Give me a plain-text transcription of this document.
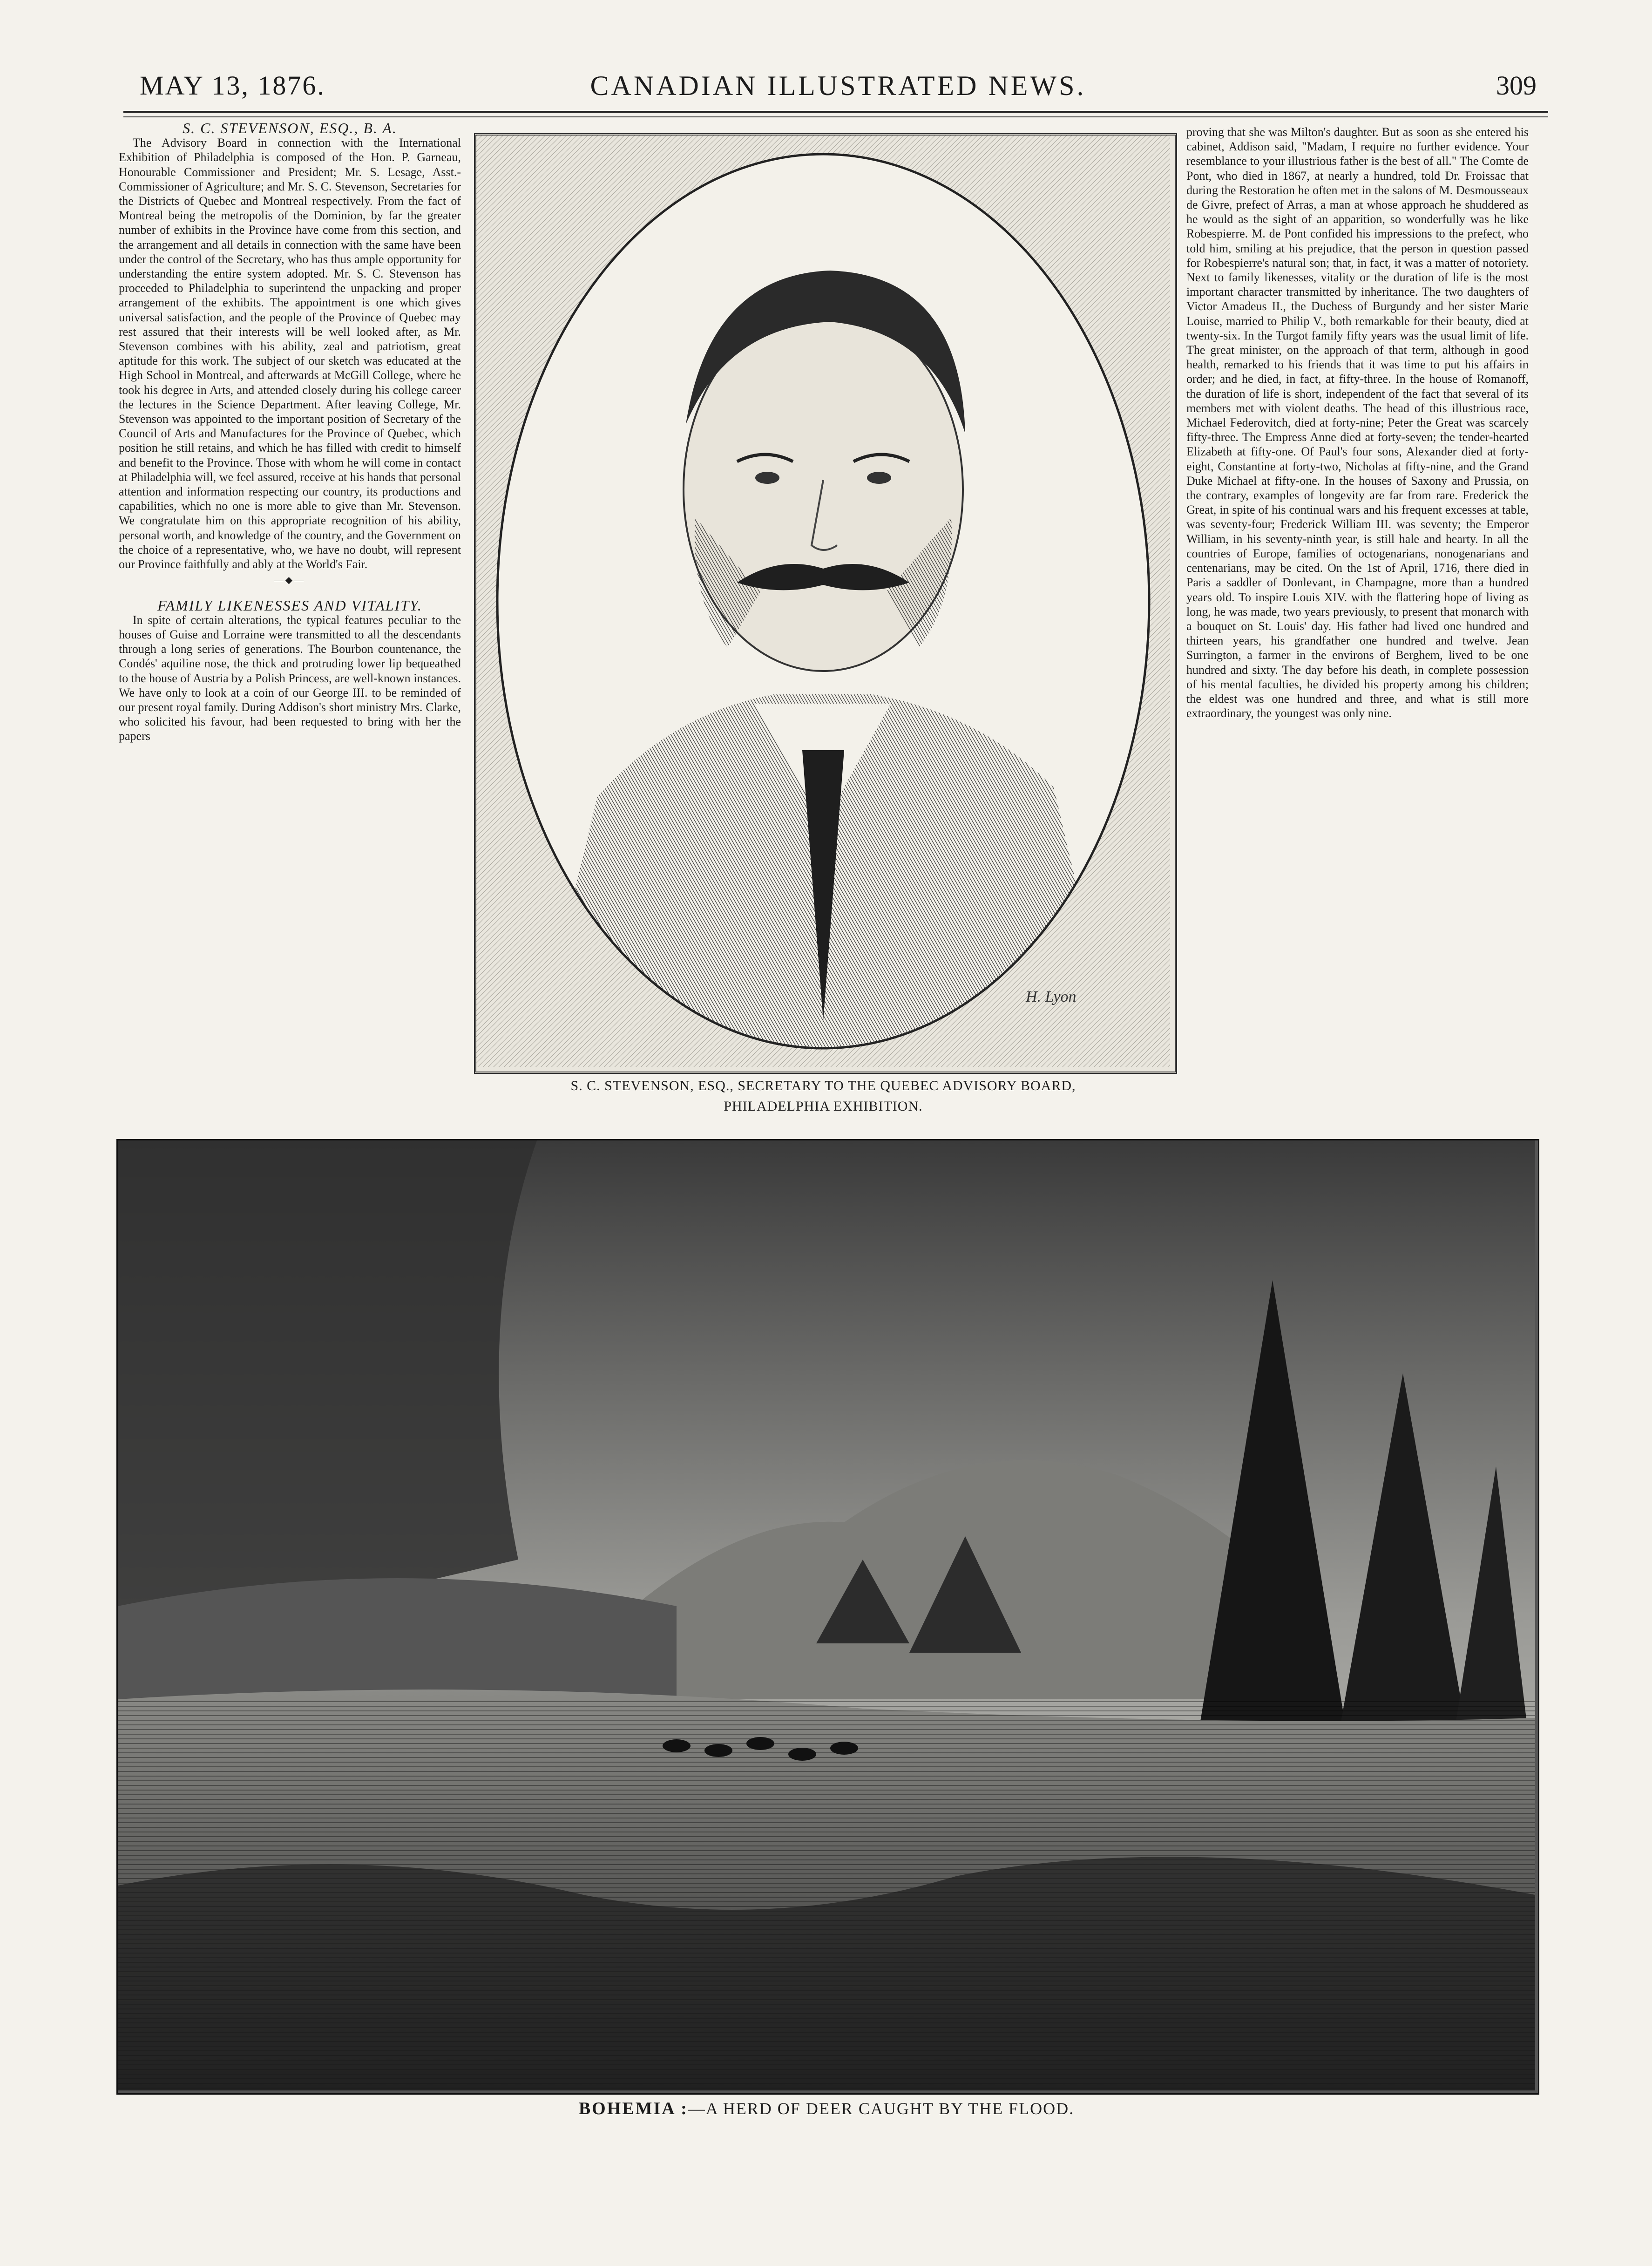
CANADIAN ILLUSTRATED NEWS.
MAY 13, 1876.	309

S. C. STEVENSON, ESQ., B. A.

The Advisory Board in connection with the International Exhibition of Philadelphia is composed of the Hon. P. Garneau, Honourable Commissioner and President; Mr. S. Lesage, Asst.-Commissioner of Agriculture; and Mr. S. C. Stevenson, Secretaries for the Districts of Quebec and Montreal respectively. From the fact of Montreal being the metropolis of the Dominion, by far the greater number of exhibits in the Province have come from this section, and the arrangement and all details in connection with the same have been under the control of the Secretary, who has thus ample opportunity for understanding the entire system adopted. Mr. S. C. Stevenson has proceeded to Philadelphia to superintend the unpacking and proper arrangement of the exhibits. The appointment is one which gives universal satisfaction, and the people of the Province of Quebec may rest assured that their interests will be well looked after, as Mr. Stevenson combines with his ability, zeal and patriotism, great aptitude for this work. The subject of our sketch was educated at the High School in Montreal, and afterwards at McGill College, where he took his degree in Arts, and attended closely during his college career the lectures in the Science Department. After leaving College, Mr. Stevenson was appointed to the important position of Secretary of the Council of Arts and Manufactures for the Province of Quebec, which position he still retains, and which he has filled with credit to himself and benefit to the Province. Those with whom he will come in contact at Philadelphia will, we feel assured, receive at his hands that personal attention and information respecting our country, its productions and capabilities, which no one is more able to give than Mr. Stevenson. We congratulate him on this appropriate recognition of his ability, personal worth, and knowledge of the country, and the Government on the choice of a representative, who, we have no doubt, will represent our Province faithfully and ably at the World's Fair.

—◆—

FAMILY LIKENESSES AND VITALITY.

In spite of certain alterations, the typical features peculiar to the houses of Guise and Lorraine were transmitted to all the descendants through a long series of generations. The Bourbon countenance, the Condés' aquiline nose, the thick and protruding lower lip bequeathed to the house of Austria by a Polish Princess, are well-known instances. We have only to look at a coin of our George III. to be reminded of our present royal family. During Addison's short ministry Mrs. Clarke, who solicited his favour, had been requested to bring with her the papers

H. Lyon
S. C. STEVENSON, ESQ., SECRETARY TO THE QUEBEC ADVISORY BOARD,
PHILADELPHIA EXHIBITION.

proving that she was Milton's daughter. But as soon as she entered his cabinet, Addison said, "Madam, I require no further evidence. Your resemblance to your illustrious father is the best of all." The Comte de Pont, who died in 1867, at nearly a hundred, told Dr. Froissac that during the Restoration he often met in the salons of M. Desmousseaux de Givre, prefect of Arras, a man at whose approach he shuddered as he would as the sight of an apparition, so wonderfully was he like Robespierre. M. de Pont confided his impressions to the prefect, who told him, smiling at his prejudice, that the person in question passed for Robespierre's natural son; that, in fact, it was a matter of notoriety. Next to family likenesses, vitality or the duration of life is the most important character transmitted by inheritance. The two daughters of Victor Amadeus II., the Duchess of Burgundy and her sister Marie Louise, married to Philip V., both remarkable for their beauty, died at twenty-six. In the Turgot family fifty years was the usual limit of life. The great minister, on the approach of that term, although in good health, remarked to his friends that it was time to put his affairs in order; and he died, in fact, at fifty-three. In the house of Romanoff, the duration of life is short, independent of the fact that several of its members met with violent deaths. The head of this illustrious race, Michael Federovitch, died at forty-nine; Peter the Great was scarcely fifty-three. The Empress Anne died at forty-seven; the tender-hearted Elizabeth at fifty-one. Of Paul's four sons, Alexander died at forty-eight, Constantine at forty-two, Nicholas at fifty-nine, and the Grand Duke Michael at fifty-one. In the houses of Saxony and Prussia, on the contrary, examples of longevity are far from rare. Frederick the Great, in spite of his continual wars and his frequent excesses at table, was seventy-four; Frederick William III. was seventy; the Emperor William, in his seventy-ninth year, is still hale and hearty. In all the countries of Europe, families of octogenarians, nonogenarians and centenarians, may be cited. On the 1st of April, 1716, there died in Paris a saddler of Donlevant, in Champagne, more than a hundred years old. To inspire Louis XIV. with the flattering hope of living as long, he was made, two years previously, to present that monarch with a bouquet on St. Louis' day. His father had lived one hundred and thirteen years, his grandfather one hundred and twelve. Jean Surrington, a farmer in the environs of Berghem, lived to be one hundred and sixty. The day before his death, in complete possession of his mental faculties, he divided his property among his children; the eldest was one hundred and three, and what is still more extraordinary, the youngest was only nine.

BOHEMIA :—A HERD OF DEER CAUGHT BY THE FLOOD.
